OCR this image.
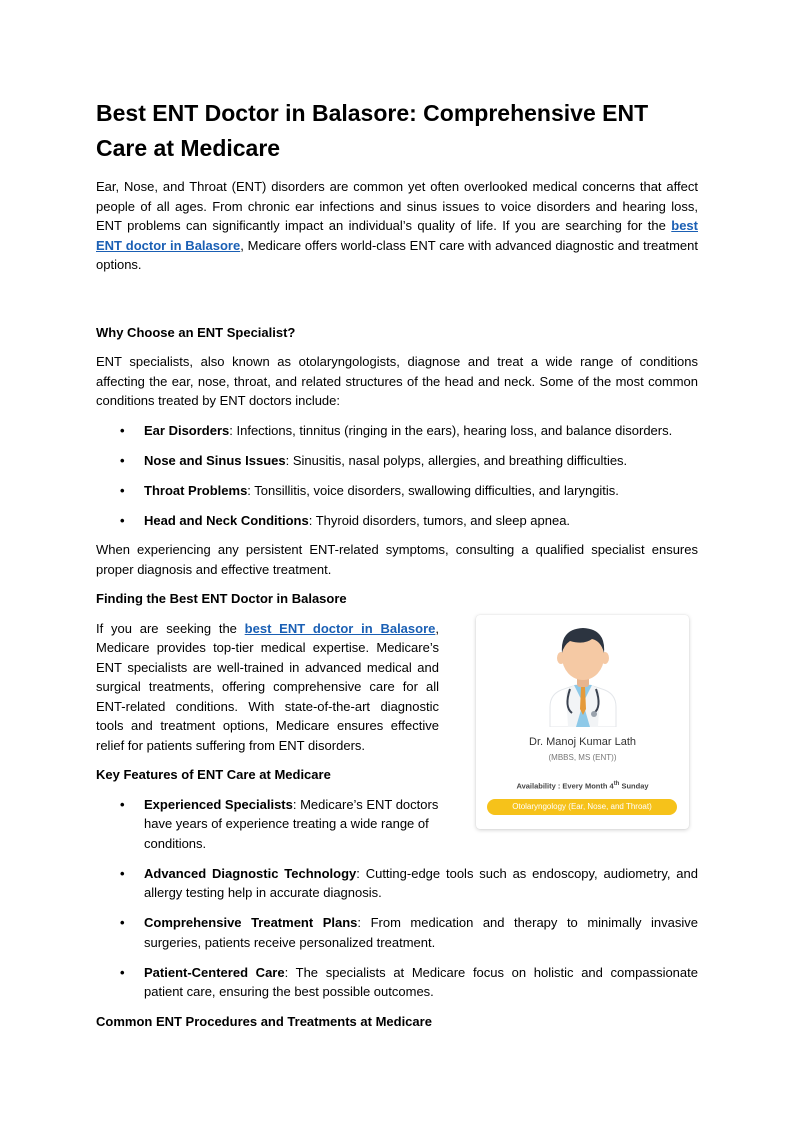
Best ENT Doctor in Balasore: Comprehensive ENT Care at Medicare

Ear, Nose, and Throat (ENT) disorders are common yet often overlooked medical concerns that affect people of all ages. From chronic ear infections and sinus issues to voice disorders and hearing loss, ENT problems can significantly impact an individual’s quality of life. If you are searching for the best ENT doctor in Balasore, Medicare offers world-class ENT care with advanced diagnostic and treatment options.

Why Choose an ENT Specialist?

ENT specialists, also known as otolaryngologists, diagnose and treat a wide range of conditions affecting the ear, nose, throat, and related structures of the head and neck. Some of the most common conditions treated by ENT doctors include:

• Ear Disorders: Infections, tinnitus (ringing in the ears), hearing loss, and balance disorders.
• Nose and Sinus Issues: Sinusitis, nasal polyps, allergies, and breathing difficulties.
• Throat Problems: Tonsillitis, voice disorders, swallowing difficulties, and laryngitis.
• Head and Neck Conditions: Thyroid disorders, tumors, and sleep apnea.

When experiencing any persistent ENT-related symptoms, consulting a qualified specialist ensures proper diagnosis and effective treatment.

Finding the Best ENT Doctor in Balasore

If you are seeking the best ENT doctor in Balasore, Medicare provides top-tier medical expertise. Medicare’s ENT specialists are well-trained in advanced medical and surgical treatments, offering comprehensive care for all ENT-related conditions. With state-of-the-art diagnostic tools and treatment options, Medicare ensures effective relief for patients suffering from ENT disorders.

Key Features of ENT Care at Medicare

• Experienced Specialists: Medicare’s ENT doctors have years of experience treating a wide range of conditions.
• Advanced Diagnostic Technology: Cutting-edge tools such as endoscopy, audiometry, and allergy testing help in accurate diagnosis.
• Comprehensive Treatment Plans: From medication and therapy to minimally invasive surgeries, patients receive personalized treatment.
• Patient-Centered Care: The specialists at Medicare focus on holistic and compassionate patient care, ensuring the best possible outcomes.

Common ENT Procedures and Treatments at Medicare

Dr. Manoj Kumar Lath
(MBBS, MS (ENT))
Availability : Every Month 4th Sunday
Otolaryngology (Ear, Nose, and Throat)
